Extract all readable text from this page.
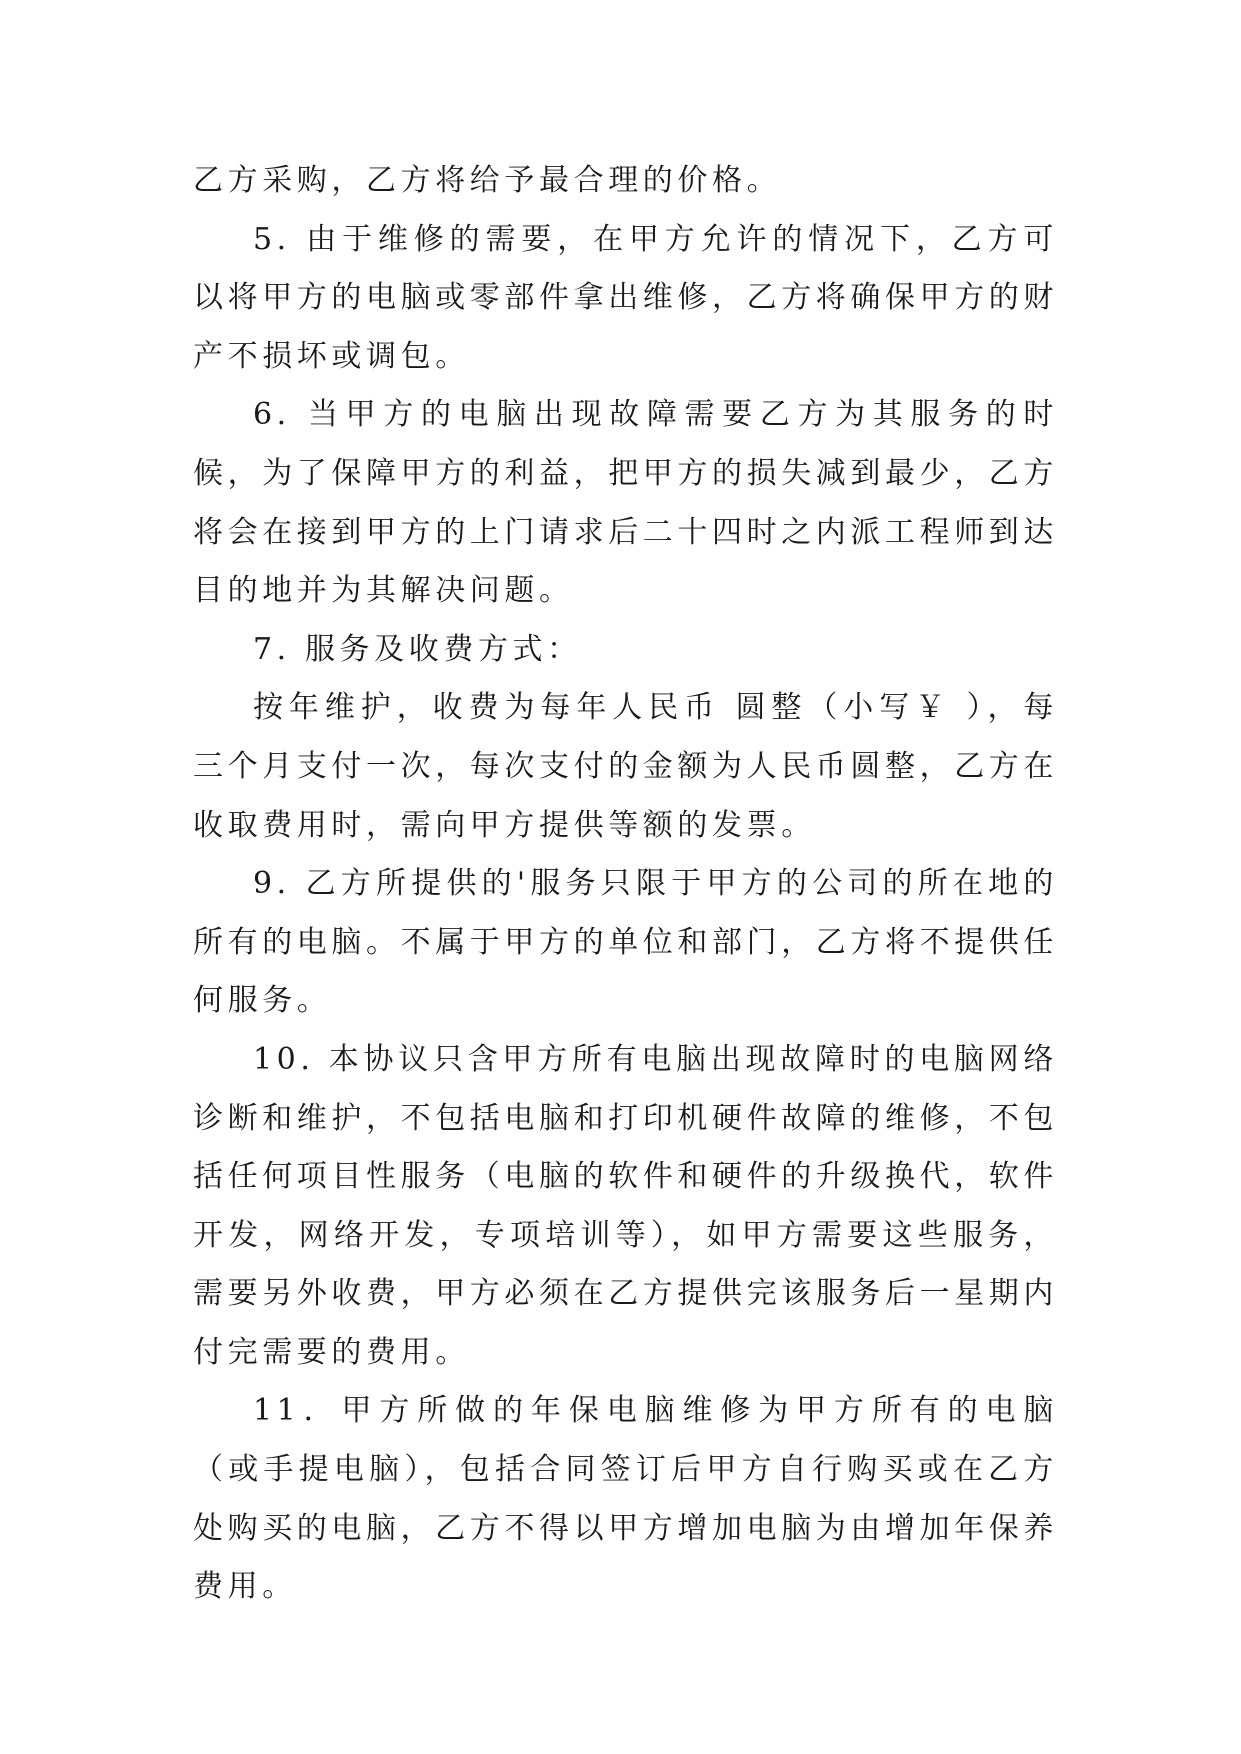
乙方采购，乙方将给予最合理的价格。

5. 由于维修的需要，在甲方允许的情况下，乙方可以将甲方的电脑或零部件拿出维修，乙方将确保甲方的财产不损坏或调包。

6. 当甲方的电脑出现故障需要乙方为其服务的时候，为了保障甲方的利益，把甲方的损失减到最少，乙方将会在接到甲方的上门请求后二十四时之内派工程师到达目的地并为其解决问题。

7. 服务及收费方式：

按年维护，收费为每年人民币 圆整（小写￥ ），每三个月支付一次，每次支付的金额为人民币圆整，乙方在收取费用时，需向甲方提供等额的发票。

9. 乙方所提供的'服务只限于甲方的公司的所在地的所有的电脑。不属于甲方的单位和部门，乙方将不提供任何服务。

10. 本协议只含甲方所有电脑出现故障时的电脑网络诊断和维护，不包括电脑和打印机硬件故障的维修，不包括任何项目性服务（电脑的软件和硬件的升级换代，软件开发，网络开发，专项培训等），如甲方需要这些服务，需要另外收费，甲方必须在乙方提供完该服务后一星期内付完需要的费用。

11．甲方所做的年保电脑维修为甲方所有的电脑（或手提电脑），包括合同签订后甲方自行购买或在乙方处购买的电脑，乙方不得以甲方增加电脑为由增加年保养费用。
